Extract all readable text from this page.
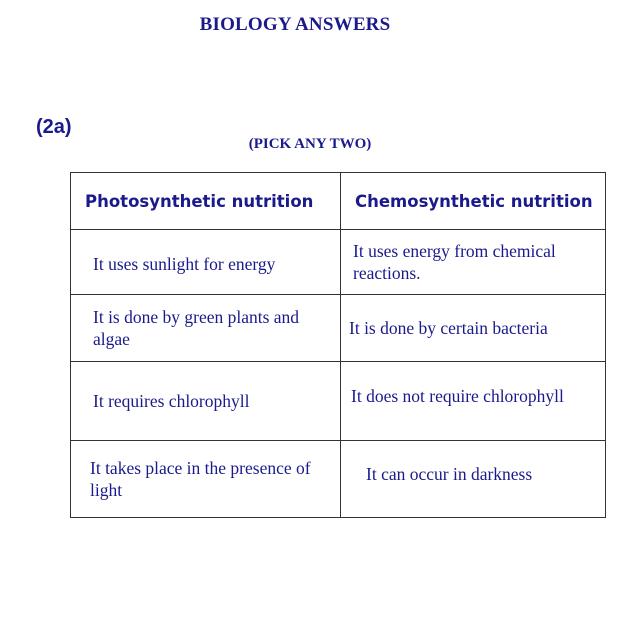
BIOLOGY ANSWERS
(2a)
(PICK ANY TWO)
Photosynthetic nutrition	Chemosynthetic nutrition
It uses sunlight for energy	It uses energy from chemical reactions.
It is done by green plants and algae	It is done by certain bacteria
It requires chlorophyll	It does not require chlorophyll
It takes place in the presence of light	It can occur in darkness
